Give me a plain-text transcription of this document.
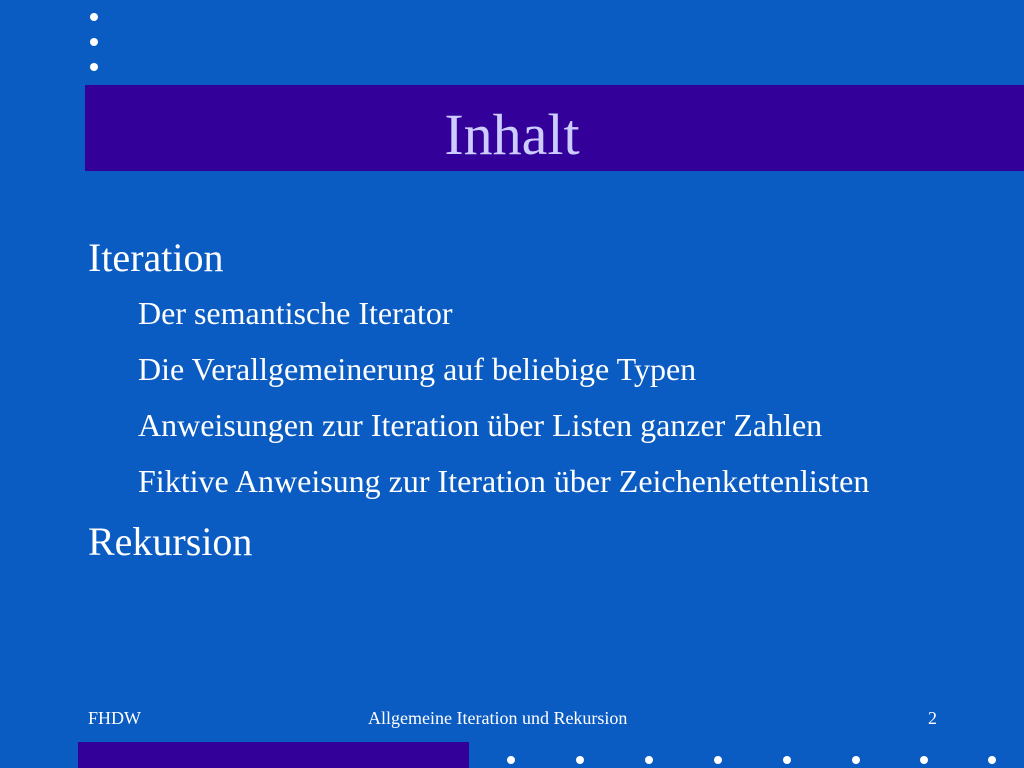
Inhalt

Iteration

Der semantische Iterator

Die Verallgemeinerung auf beliebige Typen

Anweisungen zur Iteration über Listen ganzer Zahlen

Fiktive Anweisung zur Iteration über Zeichenkettenlisten

Rekursion

FHDW	Allgemeine Iteration und Rekursion	2
